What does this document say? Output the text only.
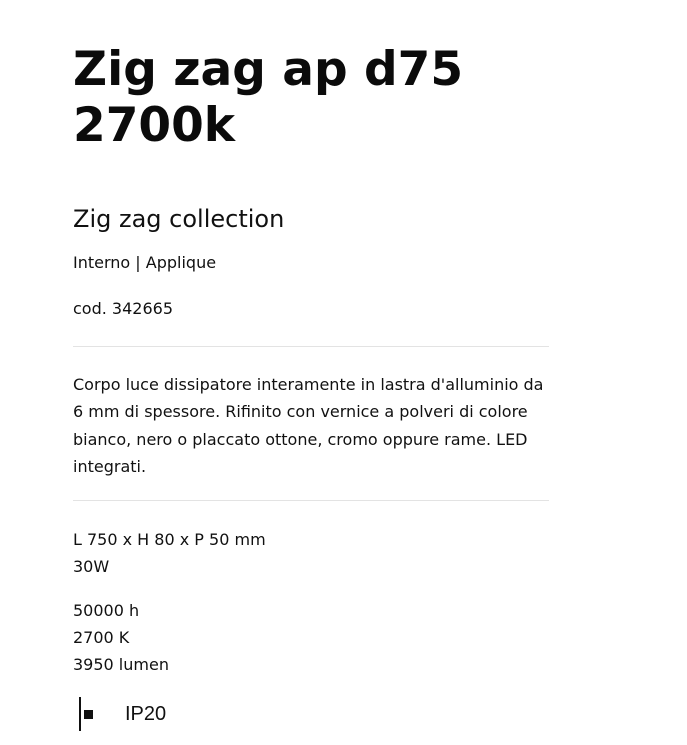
Zig zag ap d75 2700k
Zig zag collection
Interno | Applique
cod. 342665
Corpo luce dissipatore interamente in lastra d'alluminio da 6 mm di spessore. Rifinito con vernice a polveri di colore bianco, nero o placcato ottone, cromo oppure rame. LED integrati.
L 750 x H 80 x P 50 mm
30W
50000 h
2700 K
3950 lumen
IP20
